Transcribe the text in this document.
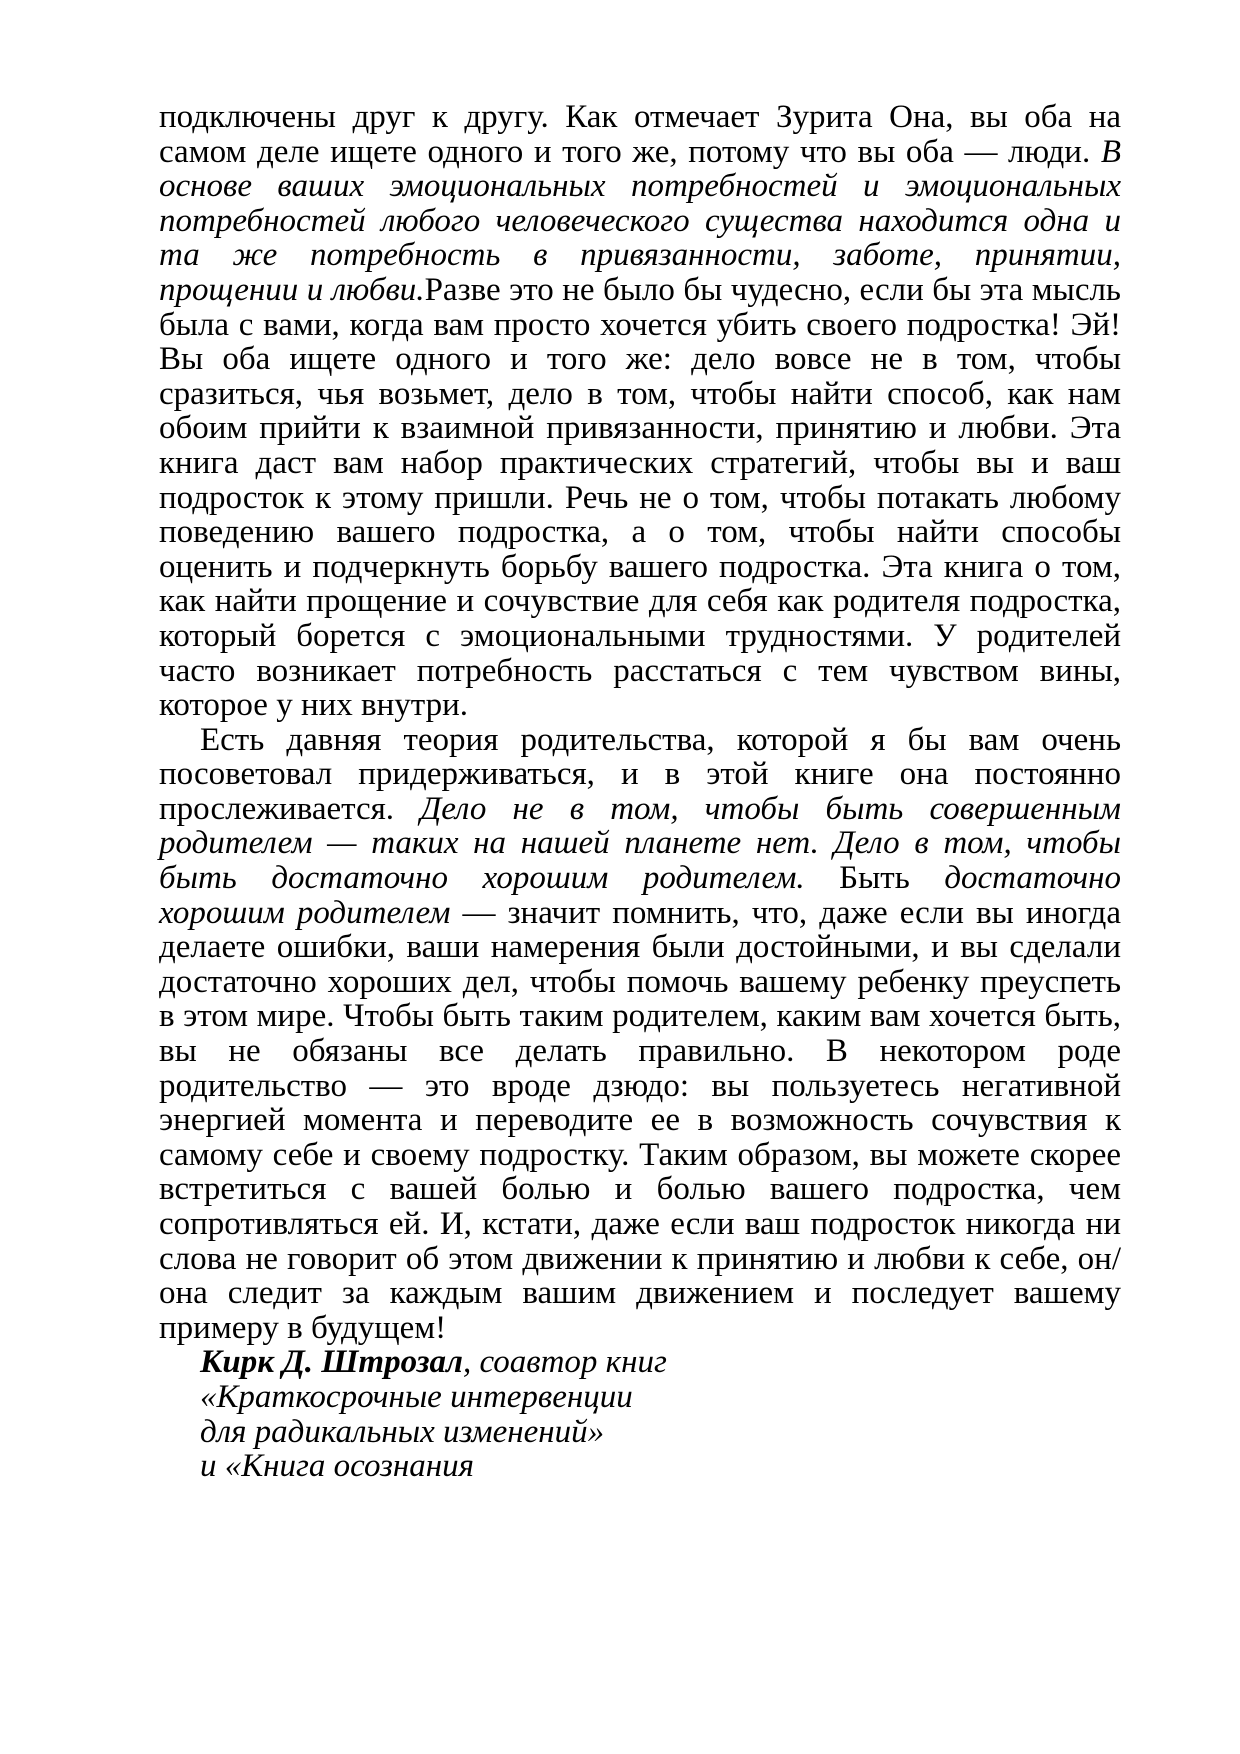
подключены друг к другу. Как отмечает Зурита Она, вы оба на самом деле ищете одного и того же, потому что вы оба — люди. В основе ваших эмоциональных потребностей и эмоциональных потребностей любого человеческого существа находится одна и та же потребность в привязанности, заботе, принятии, прощении и любви.Разве это не было бы чудесно, если бы эта мысль была с вами, когда вам просто хочется убить своего подростка! Эй! Вы оба ищете одного и того же: дело вовсе не в том, чтобы сразиться, чья возьмет, дело в том, чтобы найти способ, как нам обоим прийти к взаимной привязанности, принятию и любви. Эта книга даст вам набор практических стратегий, чтобы вы и ваш подросток к этому пришли. Речь не о том, чтобы потакать любому поведению вашего подростка, а о том, чтобы найти способы оценить и подчеркнуть борьбу вашего подростка. Эта книга о том, как найти прощение и сочувствие для себя как родителя подростка, который борется с эмоциональными трудностями. У родителей часто возникает потребность расстаться с тем чувством вины, которое у них внутри.

Есть давняя теория родительства, которой я бы вам очень посоветовал придерживаться, и в этой книге она постоянно прослеживается. Дело не в том, чтобы быть совершенным родителем — таких на нашей планете нет. Дело в том, чтобы быть достаточно хорошим родителем. Быть достаточно хорошим родителем — значит помнить, что, даже если вы иногда делаете ошибки, ваши намерения были достойными, и вы сделали достаточно хороших дел, чтобы помочь вашему ребенку преуспеть в этом мире. Чтобы быть таким родителем, каким вам хочется быть, вы не обязаны все делать правильно. В некотором роде родительство — это вроде дзюдо: вы пользуетесь негативной энергией момента и переводите ее в возможность сочувствия к самому себе и своему подростку. Таким образом, вы можете скорее встретиться с вашей болью и болью вашего подростка, чем сопротивляться ей. И, кстати, даже если ваш подросток никогда ни слова не говорит об этом движении к принятию и любви к себе, он/она следит за каждым вашим движением и последует вашему примеру в будущем!

Кирк Д. Штрозал, соавтор книг

«Краткосрочные интервенции

для радикальных изменений»

и «Книга осознания
